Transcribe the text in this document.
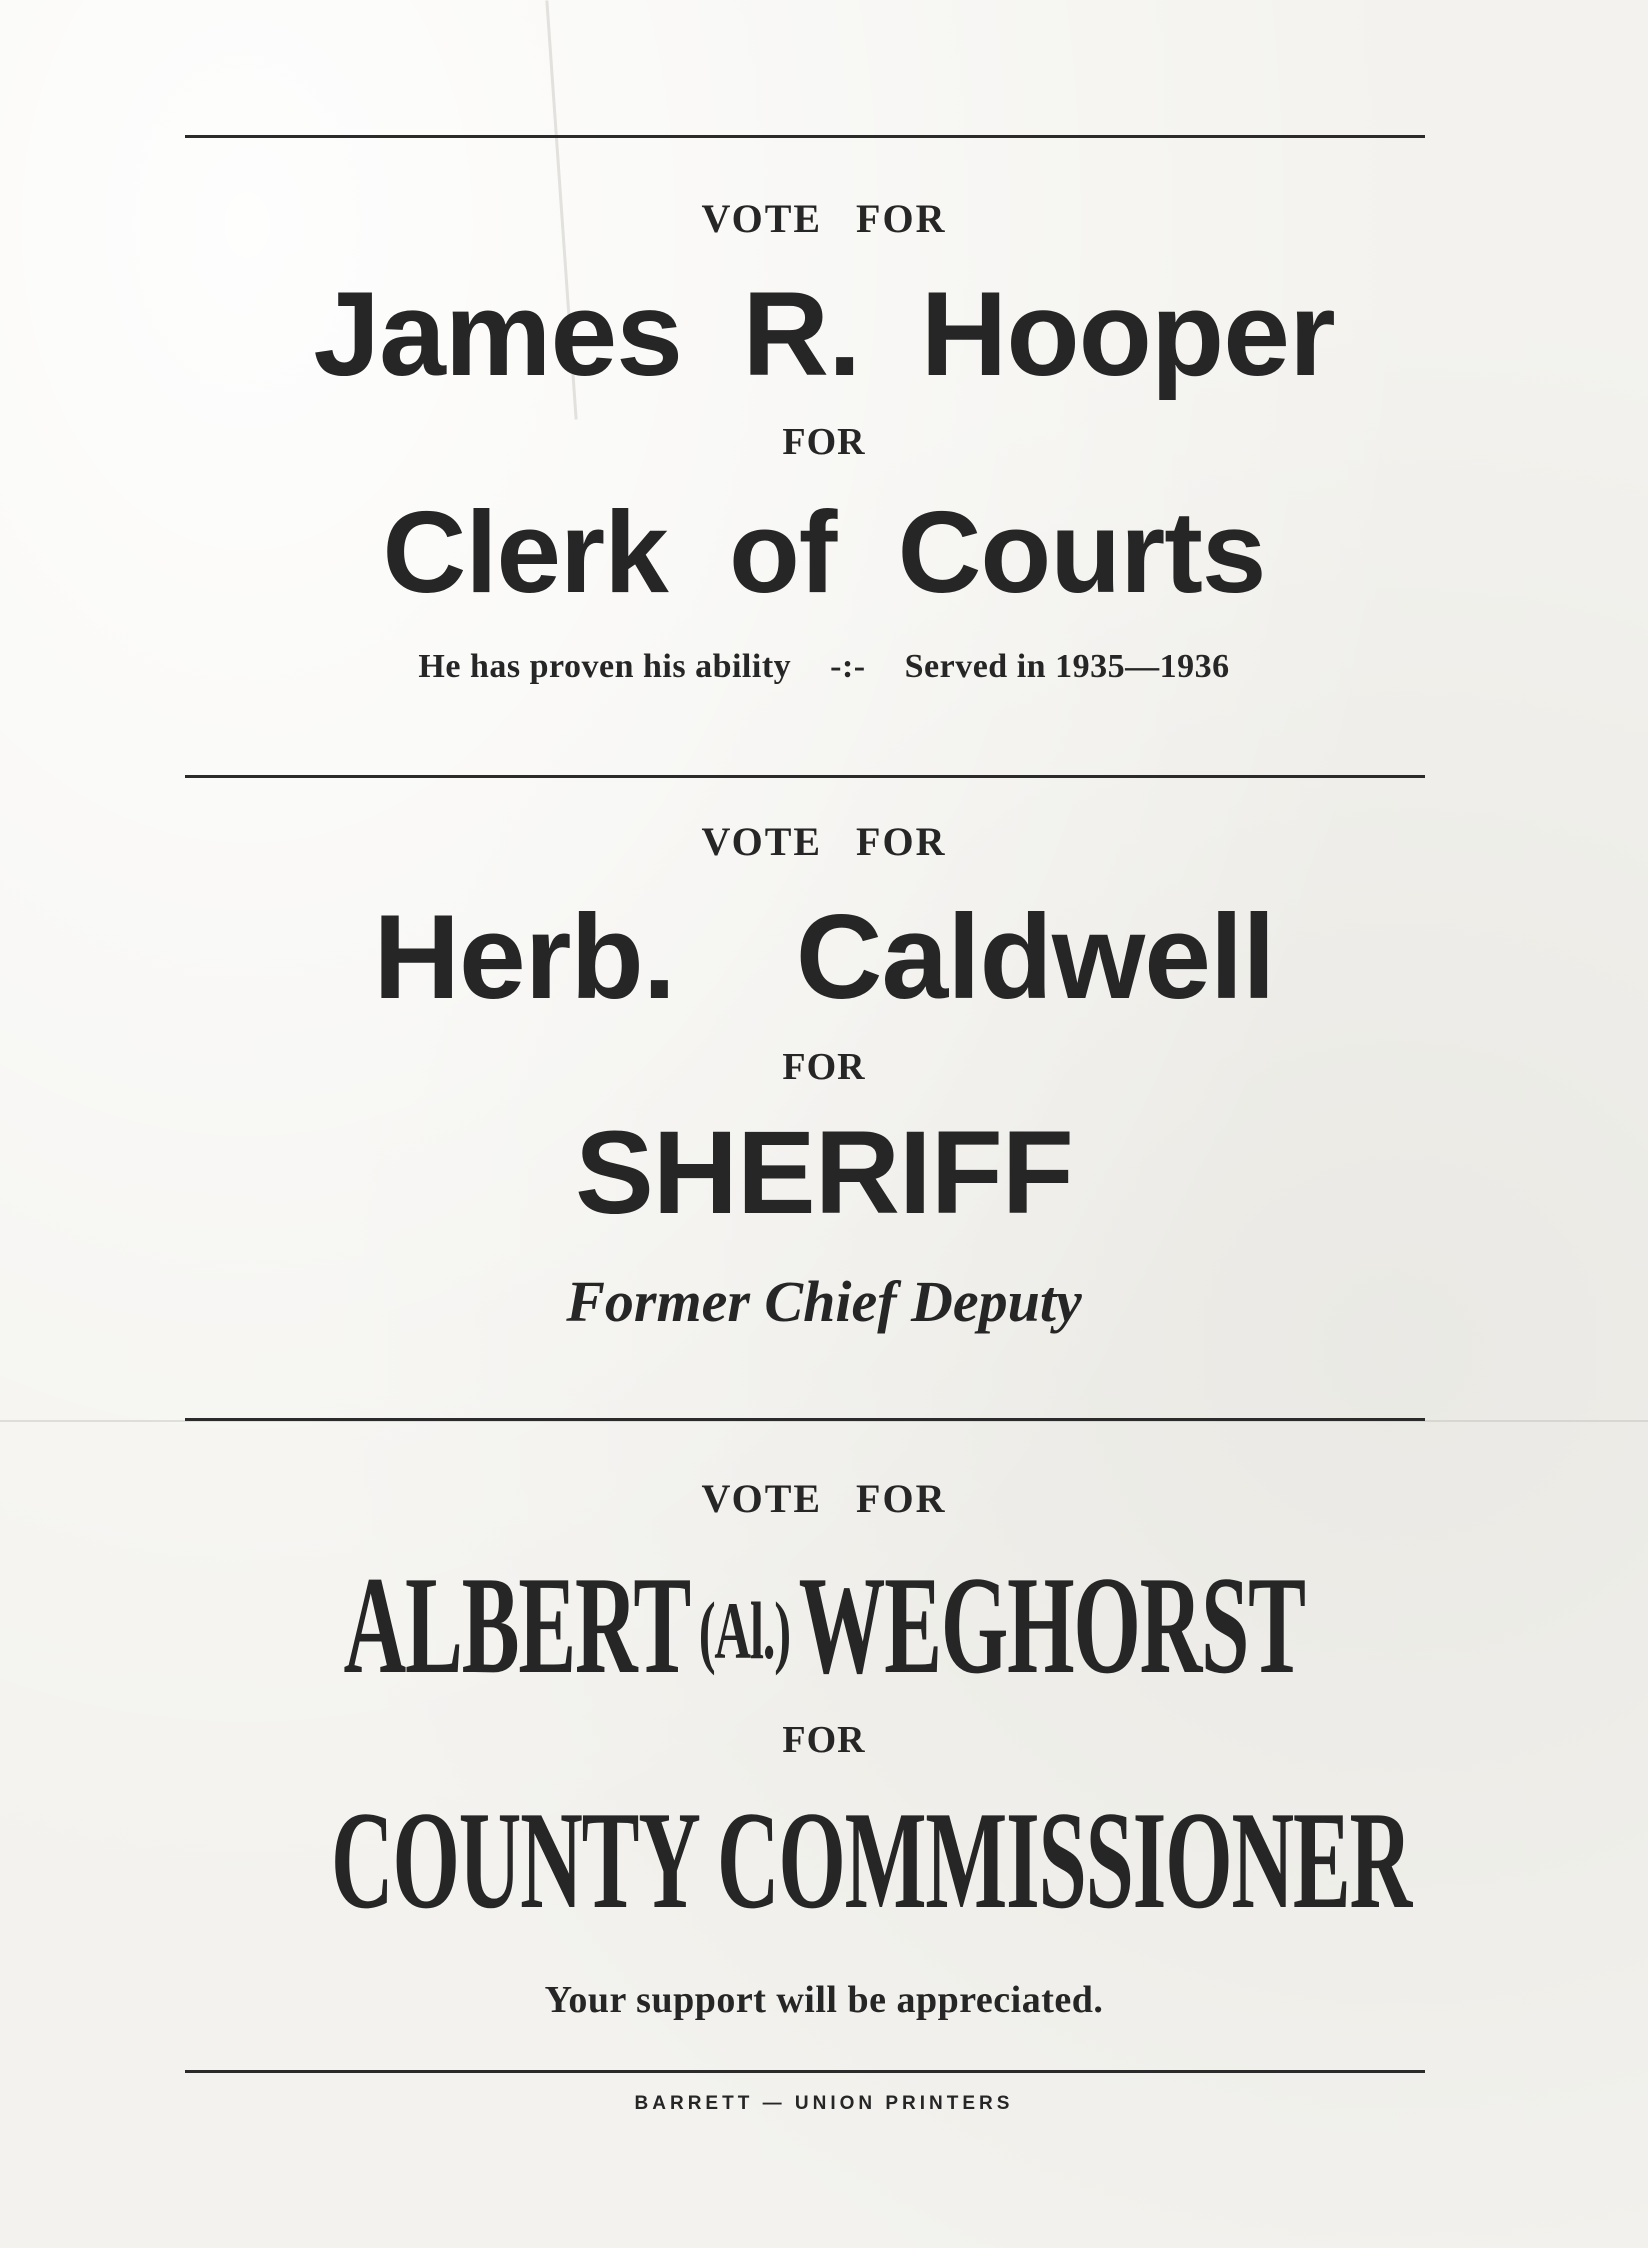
VOTE FOR
James R. Hooper
FOR
Clerk of Courts
He has proven his ability -:- Served in 1935—1936
VOTE FOR
Herb.  Caldwell
FOR
SHERIFF
Former Chief Deputy
VOTE FOR
ALBERT (Al.)WEGHORST
FOR
COUNTY COMMISSIONER
Your support will be appreciated.
BARRETT — UNION PRINTERS
